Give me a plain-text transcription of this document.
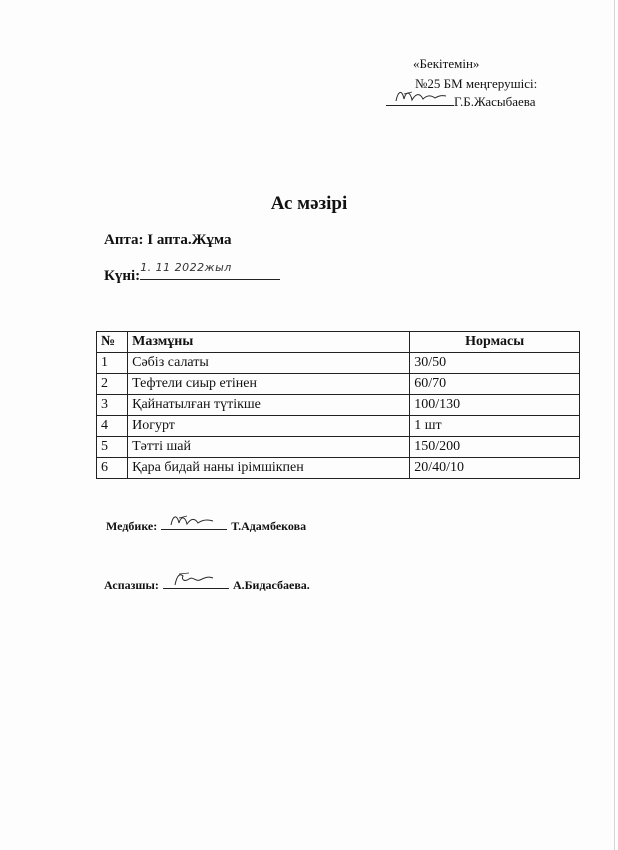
«Бекітемін»
№25 БМ меңгерушісі:
Г.Б.Жасыбаева
Ас мәзірі
Апта: І апта.Жұма
Күні:
1. 11 2022жыл
№	Мазмұны	Нормасы
1	Сәбіз салаты	30/50
2	Тефтели сиыр етінен	60/70
3	Қайнатылған түтікше	100/130
4	Иогурт	1 шт
5	Тәтті шай	150/200
6	Қара бидай наны ірімшікпен	20/40/10
Медбике:	Т.Адамбекова
Аспазшы:	А.Бидасбаева.
